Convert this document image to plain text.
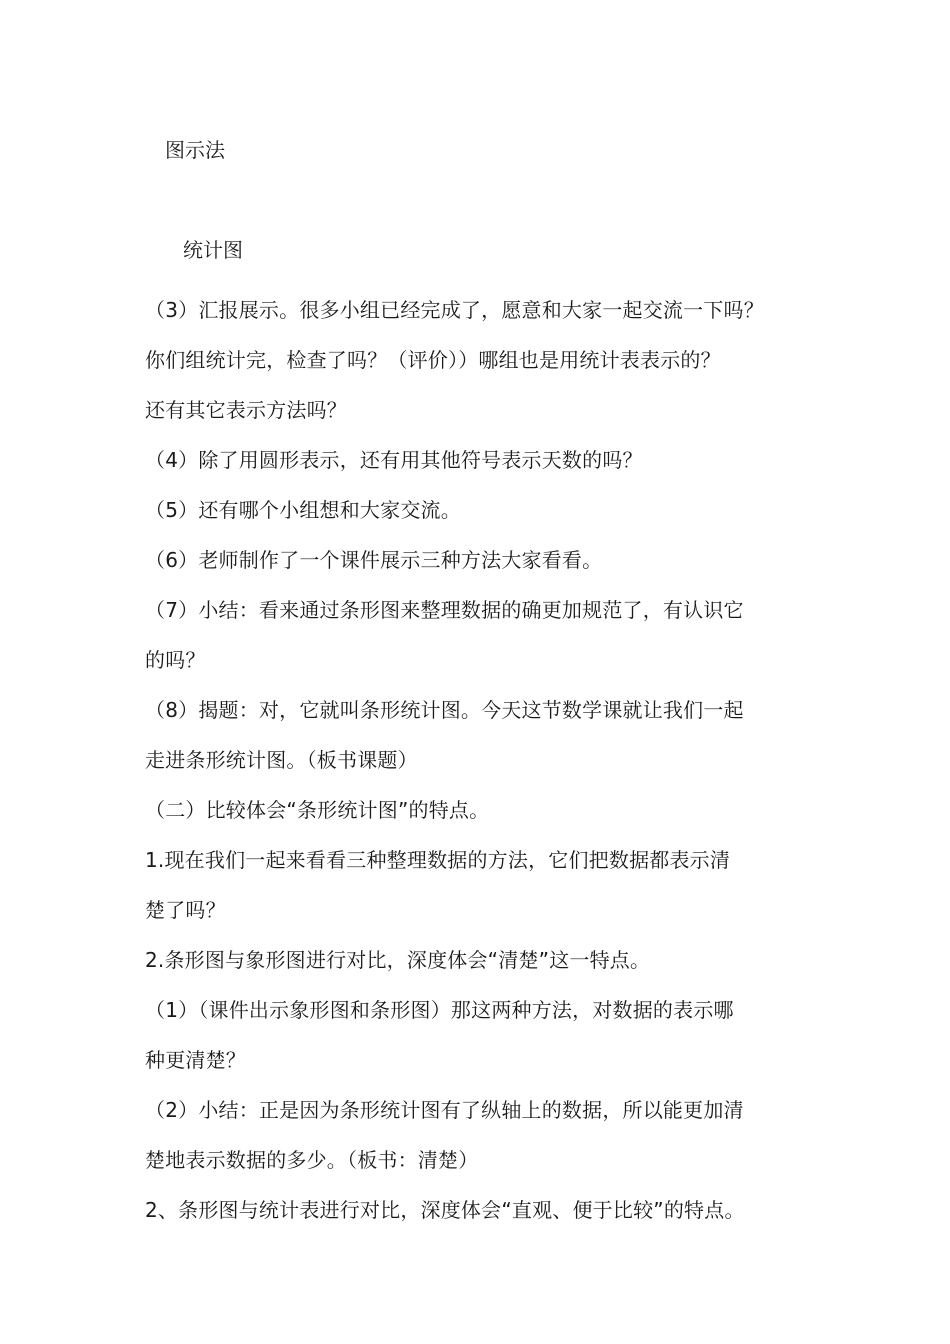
图示法
统计图

（3）汇报展示。很多小组已经完成了，愿意和大家一起交流一下吗？

你们组统计完，检查了吗？（评价））哪组也是用统计表表示的？

还有其它表示方法吗？

（4）除了用圆形表示，还有用其他符号表示天数的吗？

（5）还有哪个小组想和大家交流。

（6）老师制作了一个课件展示三种方法大家看看。

（7）小结：看来通过条形图来整理数据的确更加规范了，有认识它

的吗？

（8）揭题：对，它就叫条形统计图。今天这节数学课就让我们一起

走进条形统计图。（板书课题）

（二）比较体会“条形统计图”的特点。

1.现在我们一起来看看三种整理数据的方法，它们把数据都表示清

楚了吗？

2.条形图与象形图进行对比，深度体会“清楚”这一特点。

（1）（课件出示象形图和条形图）那这两种方法，对数据的表示哪

种更清楚？

（2）小结：正是因为条形统计图有了纵轴上的数据，所以能更加清

楚地表示数据的多少。（板书：清楚）

2、条形图与统计表进行对比，深度体会“直观、便于比较”的特点。
